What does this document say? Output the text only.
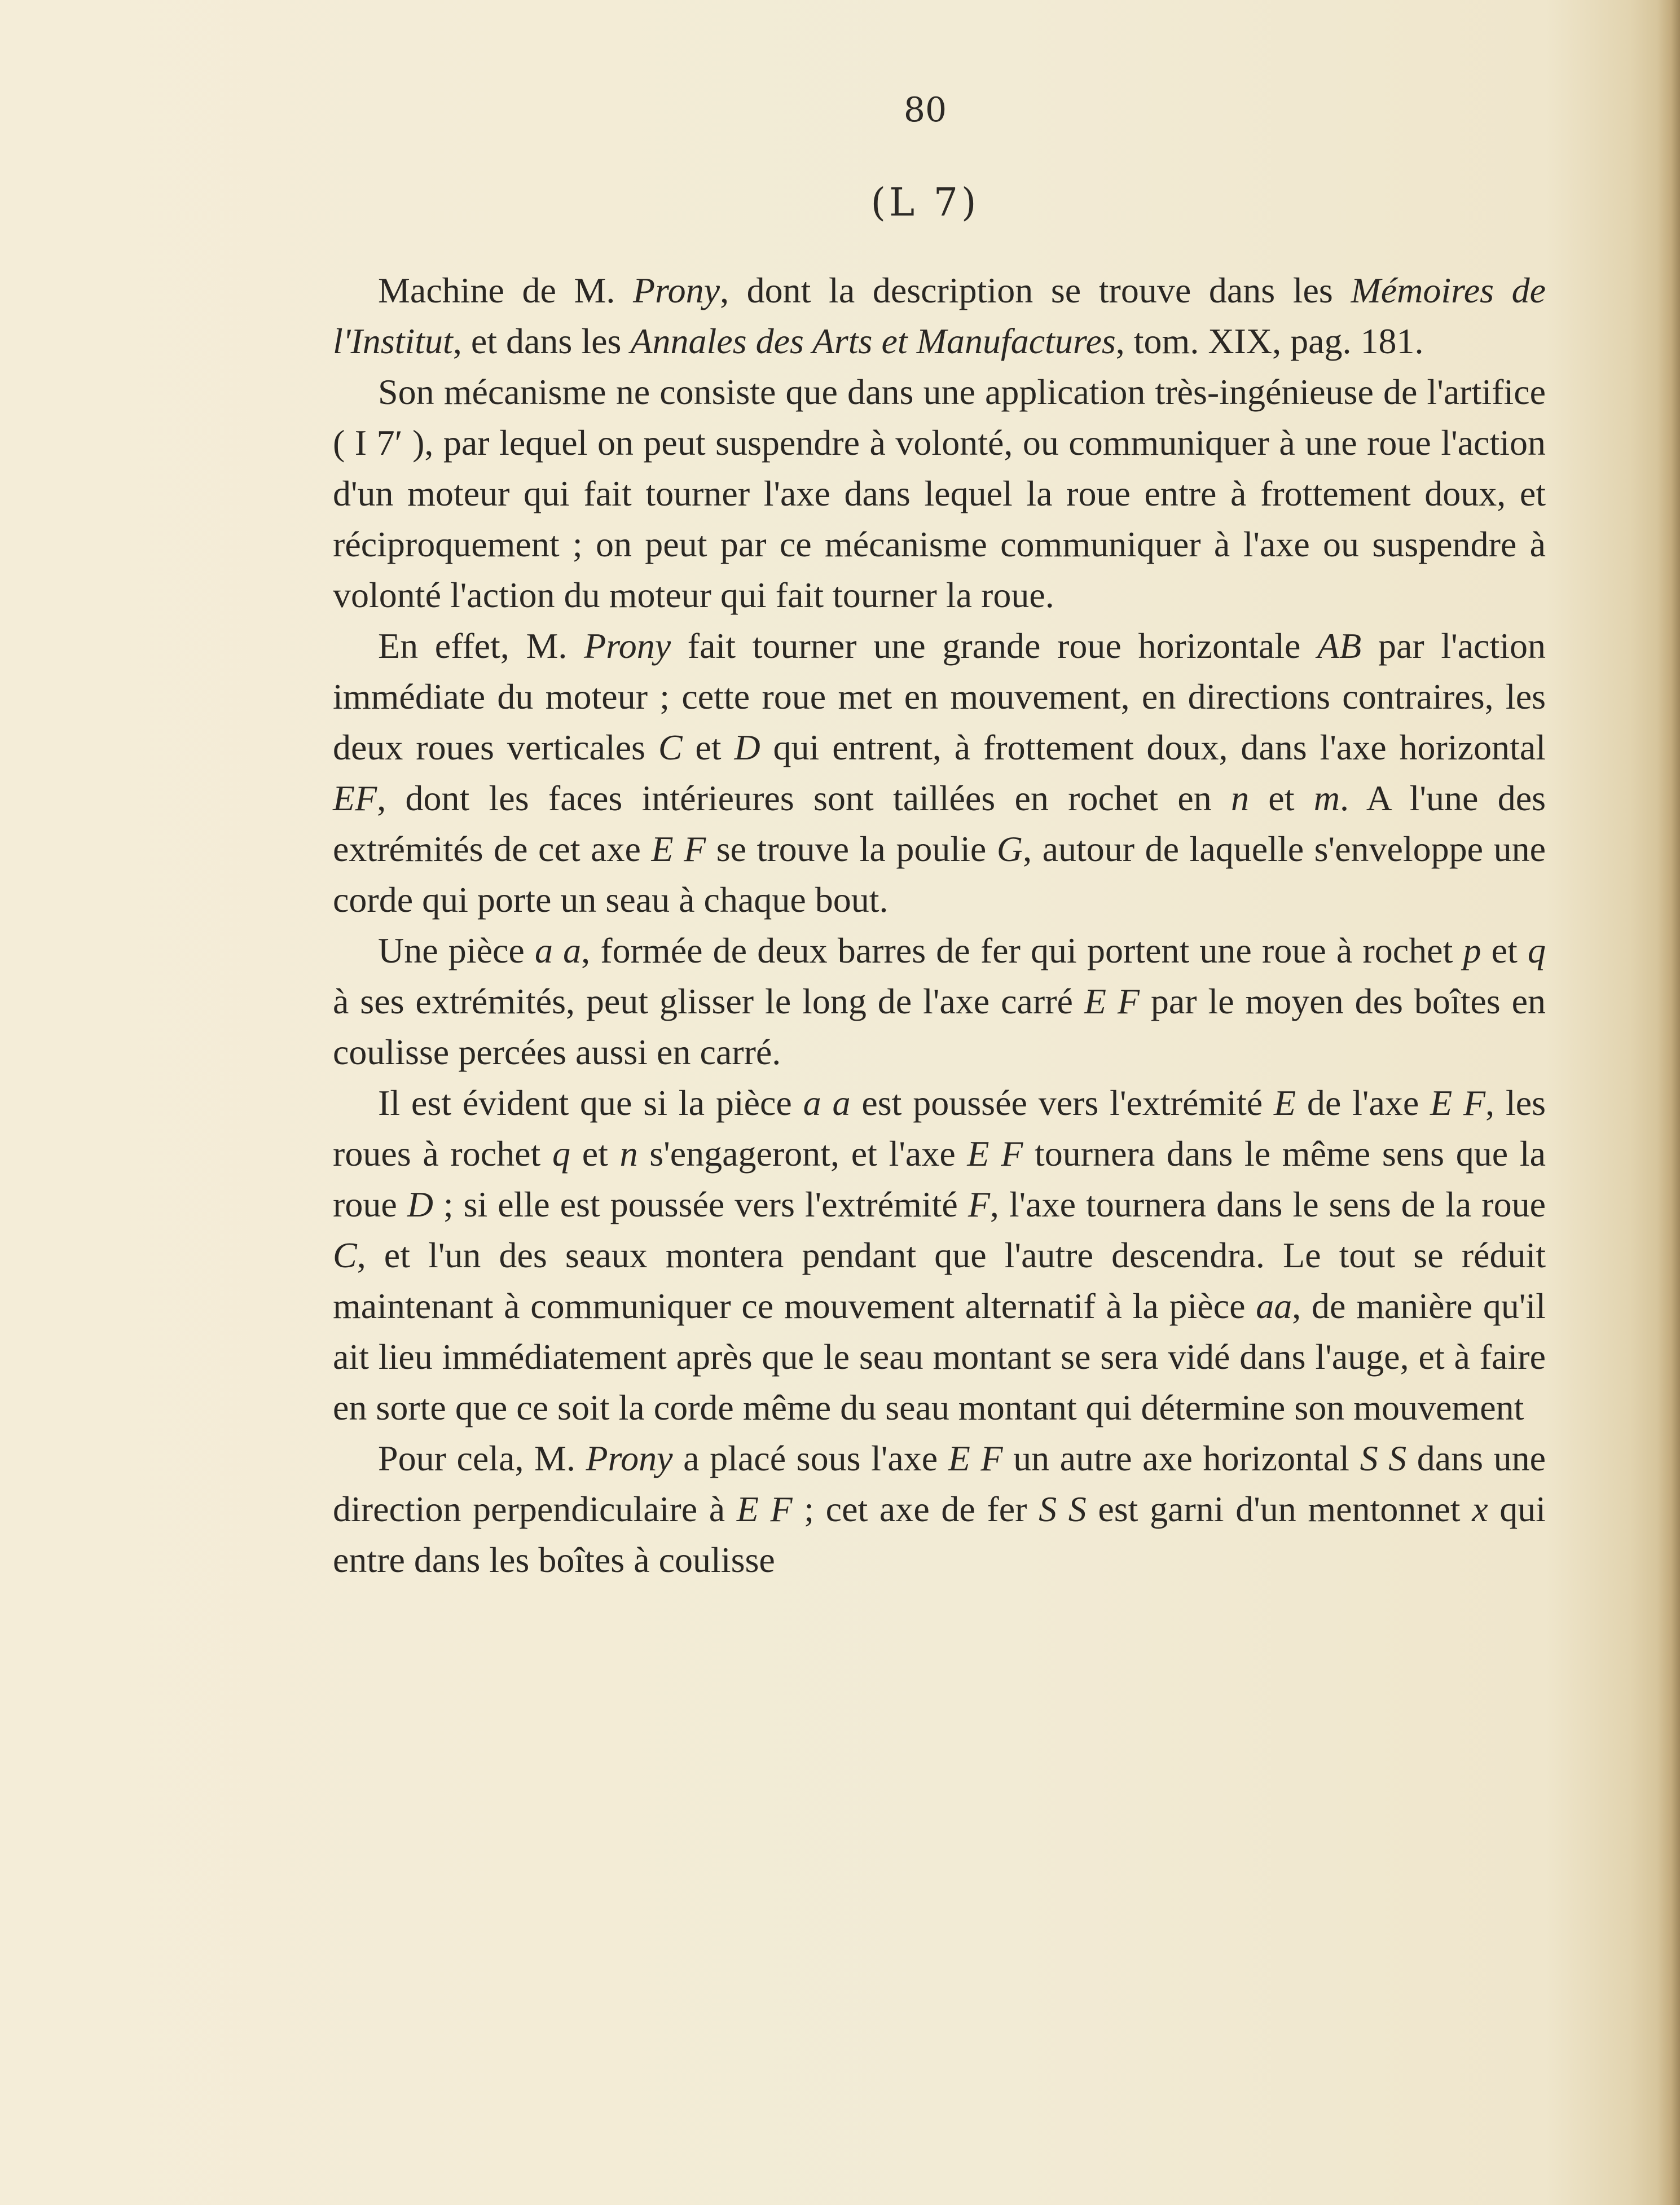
80
(L 7)

Machine de M. Prony, dont la description se trouve dans les Mémoires de l'Institut, et dans les Annales des Arts et Manufactures, tom. XIX, pag. 181.

Son mécanisme ne consiste que dans une application très-ingénieuse de l'artifice ( I 7′ ), par lequel on peut suspendre à volonté, ou communiquer à une roue l'action d'un moteur qui fait tourner l'axe dans lequel la roue entre à frottement doux, et réciproquement ; on peut par ce mécanisme communiquer à l'axe ou suspendre à volonté l'action du moteur qui fait tourner la roue.

En effet, M. Prony fait tourner une grande roue horizontale AB par l'action immédiate du moteur ; cette roue met en mouvement, en directions contraires, les deux roues verticales C et D qui entrent, à frottement doux, dans l'axe horizontal EF, dont les faces intérieures sont taillées en rochet en n et m. A l'une des extrémités de cet axe E F se trouve la poulie G, autour de laquelle s'enveloppe une corde qui porte un seau à chaque bout.

Une pièce a a, formée de deux barres de fer qui portent une roue à rochet p et q à ses extrémités, peut glisser le long de l'axe carré E F par le moyen des boîtes en coulisse percées aussi en carré.

Il est évident que si la pièce a a est poussée vers l'extrémité E de l'axe E F, les roues à rochet q et n s'engageront, et l'axe E F tournera dans le même sens que la roue D ; si elle est poussée vers l'extrémité F, l'axe tournera dans le sens de la roue C, et l'un des seaux montera pendant que l'autre descendra. Le tout se réduit maintenant à communiquer ce mouvement alternatif à la pièce aa, de manière qu'il ait lieu immédiatement après que le seau montant se sera vidé dans l'auge, et à faire en sorte que ce soit la corde même du seau montant qui détermine son mouvement

Pour cela, M. Prony a placé sous l'axe E F un autre axe horizontal S S dans une direction perpendiculaire à E F ; cet axe de fer S S est garni d'un mentonnet x qui entre dans les boîtes à coulisse
